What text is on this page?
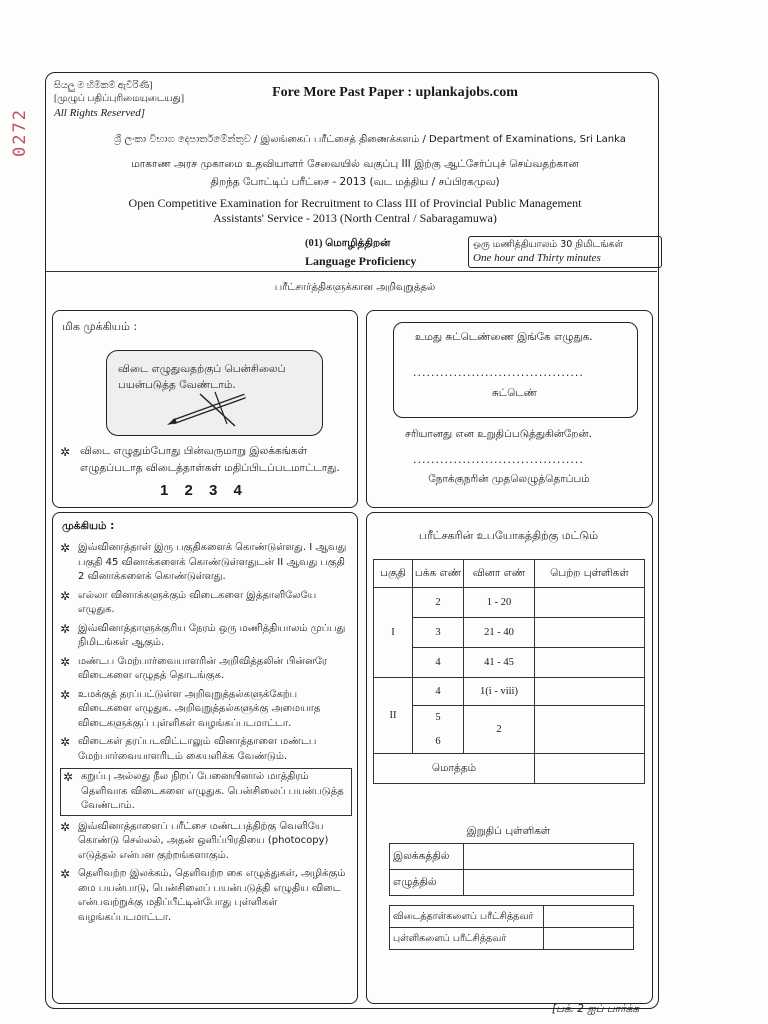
0272
සියලු ම හිමිකම් ඇවිරිණි]
[முழுப் பதிப்புரிமையுடையது]
All Rights Reserved]
Fore More Past Paper : uplankajobs.com
ශ්‍රී ලංකා විභාග දෙපාර්තමේන්තුව / இலங்கைப் பரீட்சைத் திணைக்களம் / Department of Examinations, Sri Lanka
மாகாண அரச முகாமை உதவியாளர் சேவையில் வகுப்பு III இற்கு ஆட்சேர்ப்புச் செய்வதற்கான
திறந்த போட்டிப் பரீட்சை - 2013 (வட மத்திய / சப்பிரகமுவ)
Open Competitive Examination for Recruitment to Class III of Provincial Public Management
Assistants' Service - 2013 (North Central / Sabaragamuwa)
(01) மொழித்திறன்
Language Proficiency
ஒரு மணித்தியாலம் 30 நிமிடங்கள்
One hour and Thirty minutes
பரீட்சார்த்திகளுக்கான அறிவுறுத்தல்
மிக முக்கியம் :
விடை எழுதுவதற்குப் பென்சிலைப்
பயன்படுத்த வேண்டாம்.
✲ விடை எழுதும்போது பின்வருமாறு இலக்கங்கள்
எழுதப்படாத விடைத்தாள்கள் மதிப்பிடப்படமாட்டாது.
1 2 3 4
உமது சுட்டெண்ணை இங்கே எழுதுக.
......................................
சுட்டெண்
சரியானது என உறுதிப்படுத்துகின்றேன்.
......................................
நோக்குநரின் முதலெழுத்தொப்பம்
முக்கியம் :
✲ இவ்வினாத்தாள் இரு பகுதிகளைக் கொண்டுள்ளது. I ஆவது பகுதி 45 வினாக்களைக் கொண்டுள்ளதுடன் II ஆவது பகுதி 2 வினாக்களைக் கொண்டுள்ளது.
✲ எல்லா வினாக்களுக்கும் விடைகளை இத்தாளிலேயே எழுதுக.
✲ இவ்வினாத்தாளுக்குரிய நேரம் ஒரு மணித்தியாலம் முப்பது நிமிடங்கள் ஆகும்.
✲ மண்டப மேற்பார்வையாளரின் அறிவித்தலின் பின்னரே விடைகளை எழுதத் தொடங்குக.
✲ உமக்குத் தரப்பட்டுள்ள அறிவுறுத்தல்களுக்கேற்ப விடைகளை எழுதுக. அறிவுறுத்தல்களுக்கு அமையாத விடைகளுக்குப் புள்ளிகள் வழங்கப்படமாட்டா.
✲ விடைகள் தரப்படவிட்டாலும் வினாத்தாளை மண்டப மேற்பார்வையாளரிடம் கையளிக்க வேண்டும்.
✲ கறுப்பு அல்லது நீல நிறப் பேனையினால் மாத்திரம் தெளிவாக விடைகளை எழுதுக. பென்சிலைப் பயன்படுத்த வேண்டாம்.
✲ இவ்வினாத்தாளைப் பரீட்சை மண்டபத்திற்கு வெளியே கொண்டு செல்லல், அதன் ஒளிப்பிரதியை (photocopy) எடுத்தல் என்பன குற்றங்களாகும்.
✲ தெளிவற்ற இலக்கம், தெளிவற்ற கை எழுத்துகள், அழிக்கும் மை பயன்பாடு, பென்சிலைப் பயன்படுத்தி எழுதிய விடை என்பவற்றுக்கு மதிப்பீட்டின்போது புள்ளிகள் வழங்கப்படமாட்டா.
பரீட்சகரின் உபயோகத்திற்கு மட்டும்
பகுதி	பக்க எண்	வினா எண்	பெற்ற புள்ளிகள்
I	2	1 - 20	
	3	21 - 40	
	4	41 - 45	
II	4	1(i - viii)	
	5	2	
	6		
மொத்தம்			
இறுதிப் புள்ளிகள்
இலக்கத்தில்	
எழுத்தில்	
விடைத்தாள்களைப் பரீட்சித்தவர்	
புள்ளிகளைப் பரீட்சித்தவர்	
[பக். 2 ஐப் பார்க்க
